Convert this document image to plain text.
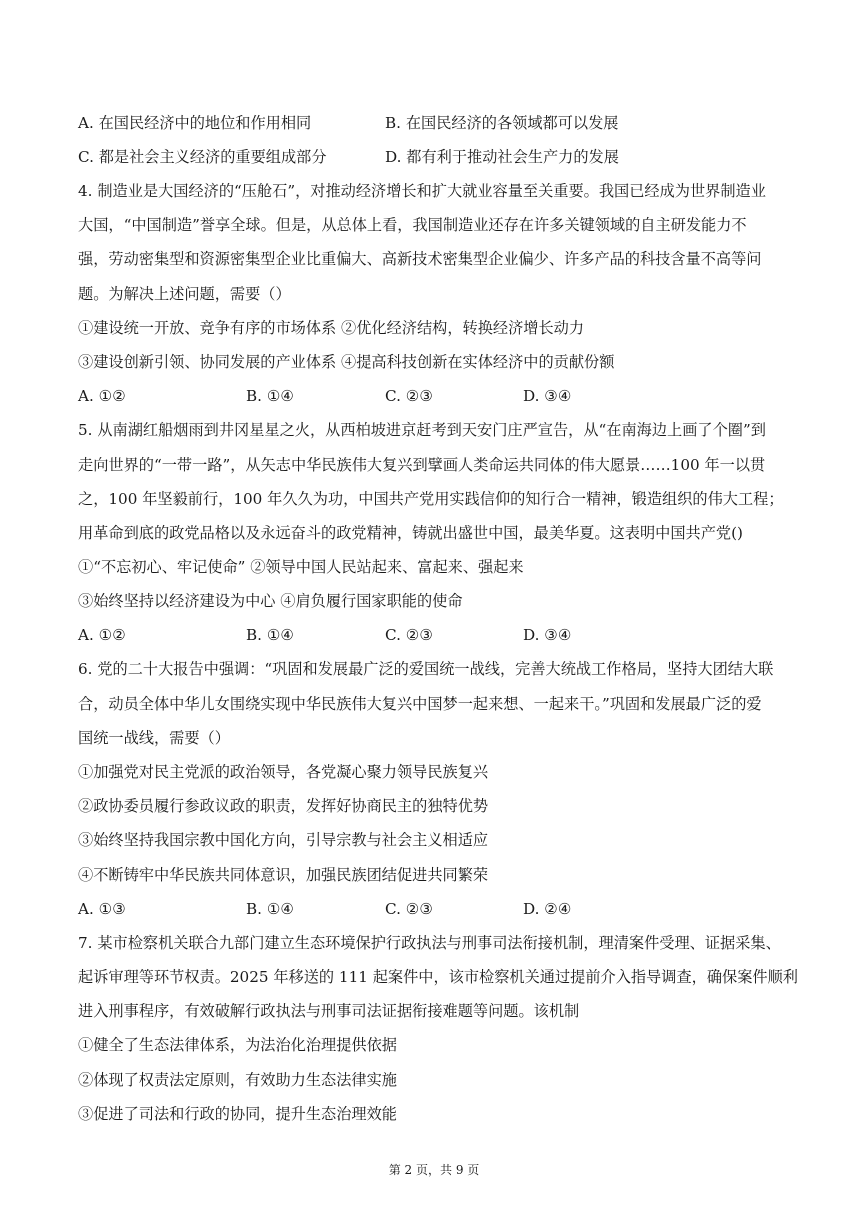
A. 在国民经济中的地位和作用相同	B. 在国民经济的各领域都可以发展
C. 都是社会主义经济的重要组成部分	D. 都有利于推动社会生产力的发展
4. 制造业是大国经济的“压舱石”，对推动经济增长和扩大就业容量至关重要。我国已经成为世界制造业
大国，“中国制造”誉享全球。但是，从总体上看，我国制造业还存在许多关键领域的自主研发能力不
强，劳动密集型和资源密集型企业比重偏大、高新技术密集型企业偏少、许多产品的科技含量不高等问
题。为解决上述问题，需要（）
①建设统一开放、竞争有序的市场体系 ②优化经济结构，转换经济增长动力
③建设创新引领、协同发展的产业体系 ④提高科技创新在实体经济中的贡献份额
A. ①②	B. ①④	C. ②③	D. ③④
5. 从南湖红船烟雨到井冈星星之火，从西柏坡进京赶考到天安门庄严宣告，从“在南海边上画了个圈”到
走向世界的“一带一路”，从矢志中华民族伟大复兴到擘画人类命运共同体的伟大愿景……100 年一以贯
之，100 年坚毅前行，100 年久久为功，中国共产党用实践信仰的知行合一精神，锻造组织的伟大工程；
用革命到底的政党品格以及永远奋斗的政党精神，铸就出盛世中国，最美华夏。这表明中国共产党()
①“不忘初心、牢记使命” ②领导中国人民站起来、富起来、强起来
③始终坚持以经济建设为中心 ④肩负履行国家职能的使命
A. ①②	B. ①④	C. ②③	D. ③④
6. 党的二十大报告中强调：“巩固和发展最广泛的爱国统一战线，完善大统战工作格局，坚持大团结大联
合，动员全体中华儿女围绕实现中华民族伟大复兴中国梦一起来想、一起来干。”巩固和发展最广泛的爱
国统一战线，需要（）
①加强党对民主党派的政治领导，各党凝心聚力领导民族复兴
②政协委员履行参政议政的职责，发挥好协商民主的独特优势
③始终坚持我国宗教中国化方向，引导宗教与社会主义相适应
④不断铸牢中华民族共同体意识，加强民族团结促进共同繁荣
A. ①③	B. ①④	C. ②③	D. ②④
7. 某市检察机关联合九部门建立生态环境保护行政执法与刑事司法衔接机制，理清案件受理、证据采集、
起诉审理等环节权责。2025 年移送的 111 起案件中，该市检察机关通过提前介入指导调查，确保案件顺利
进入刑事程序，有效破解行政执法与刑事司法证据衔接难题等问题。该机制
①健全了生态法律体系，为法治化治理提供依据
②体现了权责法定原则，有效助力生态法律实施
③促进了司法和行政的协同，提升生态治理效能
第 2 页，共 9 页
